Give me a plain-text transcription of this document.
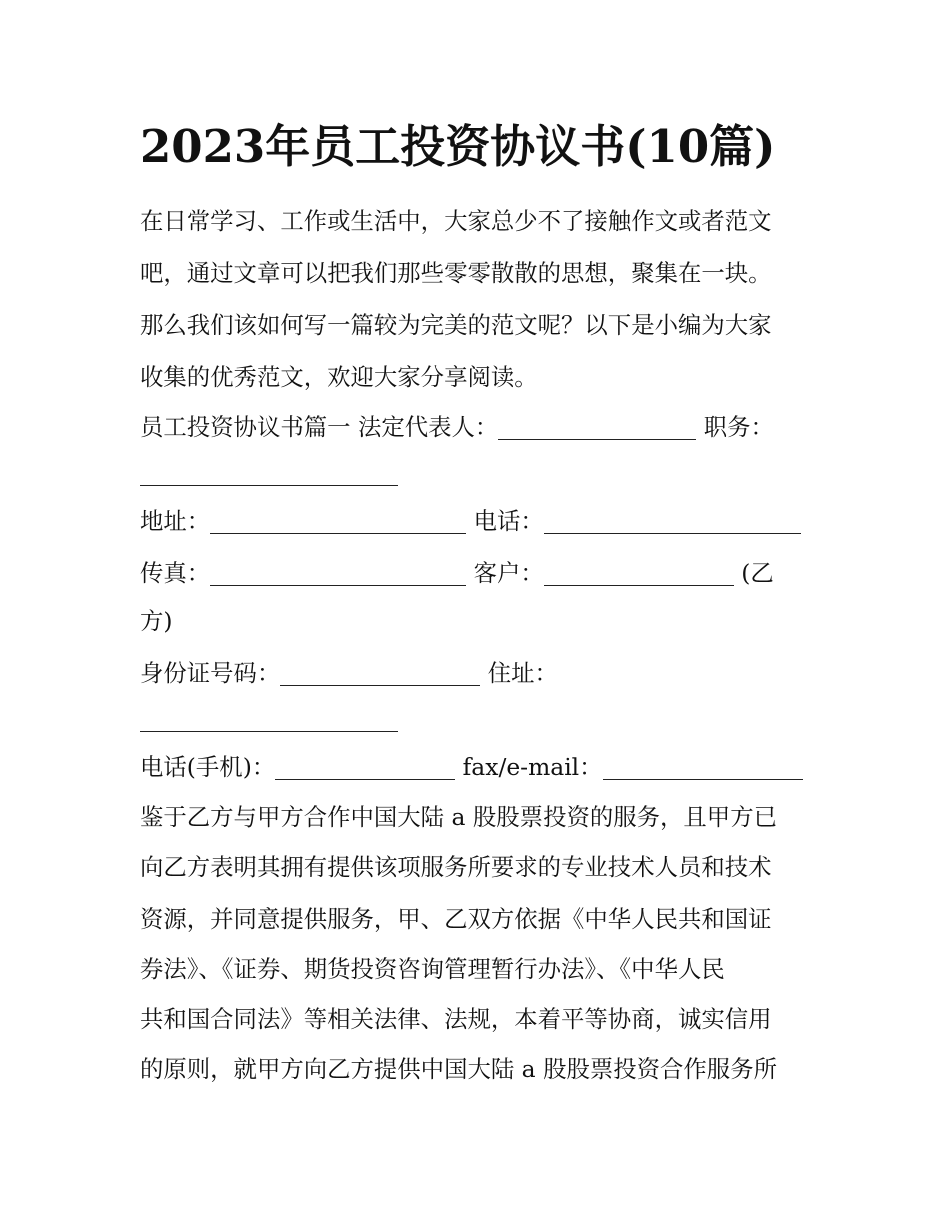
2023年员工投资协议书(10篇)

在日常学习、工作或生活中，大家总少不了接触作文或者范文

吧，通过文章可以把我们那些零零散散的思想，聚集在一块。

那么我们该如何写一篇较为完美的范文呢？以下是小编为大家

收集的优秀范文，欢迎大家分享阅读。

员工投资协议书篇一 法定代表人：	职务：

地址：	电话：

传真：	客户：	(乙

方)

身份证号码：	住址：

电话(手机)：	fax/e-mail：

鉴于乙方与甲方合作中国大陆 a 股股票投资的服务，且甲方已

向乙方表明其拥有提供该项服务所要求的专业技术人员和技术

资源，并同意提供服务，甲、乙双方依据《中华人民共和国证

券法》、《证券、期货投资咨询管理暂行办法》、《中华人民

共和国合同法》等相关法律、法规，本着平等协商，诚实信用

的原则，就甲方向乙方提供中国大陆 a 股股票投资合作服务所
